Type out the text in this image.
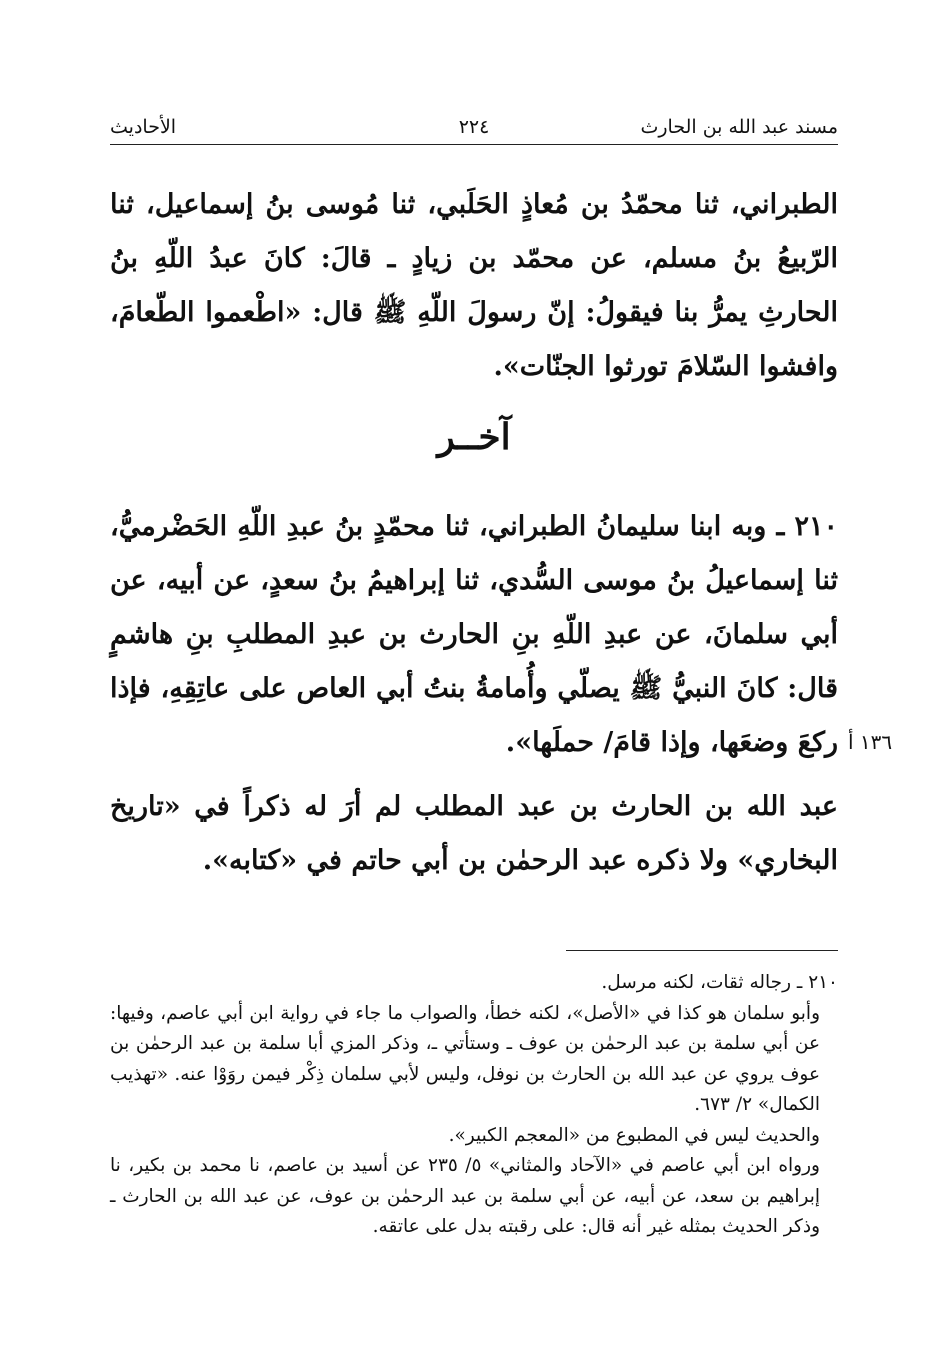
مسند عبد الله بن الحارث
٢٢٤
الأحاديث

الطبراني، ثنا محمّدُ بن مُعاذٍ الحَلَبي، ثنا مُوسى بنُ إسماعيل، ثنا الرّبيعُ بنُ مسلم، عن محمّد بن زيادٍ ـ قالَ: كانَ عبدُ اللّهِ بنُ الحارثِ يمرُّ بنا فيقولُ: إنّ رسولَ اللّهِ ﷺ قال: «اطْعموا الطّعامَ، وافشوا السّلامَ تورثوا الجنّات».

آخــر

٢١٠ ـ وبه ابنا سليمانُ الطبراني، ثنا محمّدٍ بنُ عبدِ اللّهِ الحَضْرميُّ، ثنا إسماعيلُ بنُ موسى السُّدي، ثنا إبراهيمُ بنُ سعدٍ، عن أبيه، عن أبي سلمانَ، عن عبدِ اللّهِ بنِ الحارث بن عبدِ المطلبِ بنِ هاشمٍ قال: كانَ النبيُّ ﷺ يصلّي وأُمامةُ بنتُ أبي العاص على عاتِقِهِ، فإذا ركعَ وضعَها، وإذا قامَ/ حملَها». ١٣٦ أ

عبد الله بن الحارث بن عبد المطلب لم أرَ له ذكراً في «تاريخ البخاري» ولا ذكره عبد الرحمٰن بن أبي حاتم في «كتابه».

٢١٠ ـ رجاله ثقات، لكنه مرسل.

وأبو سلمان هو كذا في «الأصل»، لكنه خطأ، والصواب ما جاء في رواية ابن أبي عاصم، وفيها: عن أبي سلمة بن عبد الرحمٰن بن عوف ـ وستأتي ـ، وذكر المزي أبا سلمة بن عبد الرحمٰن بن عوف يروي عن عبد الله بن الحارث بن نوفل، وليس لأبي سلمان ذِكْر فيمن روَوْا عنه. «تهذيب الكمال» ٢/ ٦٧٣.

والحديث ليس في المطبوع من «المعجم الكبير».

ورواه ابن أبي عاصم في «الآحاد والمثاني» ٥/ ٢٣٥ عن أسيد بن عاصم، نا محمد بن بكير، نا إبراهيم بن سعد، عن أبيه، عن أبي سلمة بن عبد الرحمٰن بن عوف، عن عبد الله بن الحارث ـ وذكر الحديث بمثله غير أنه قال: على رقبته بدل على عاتقه.
